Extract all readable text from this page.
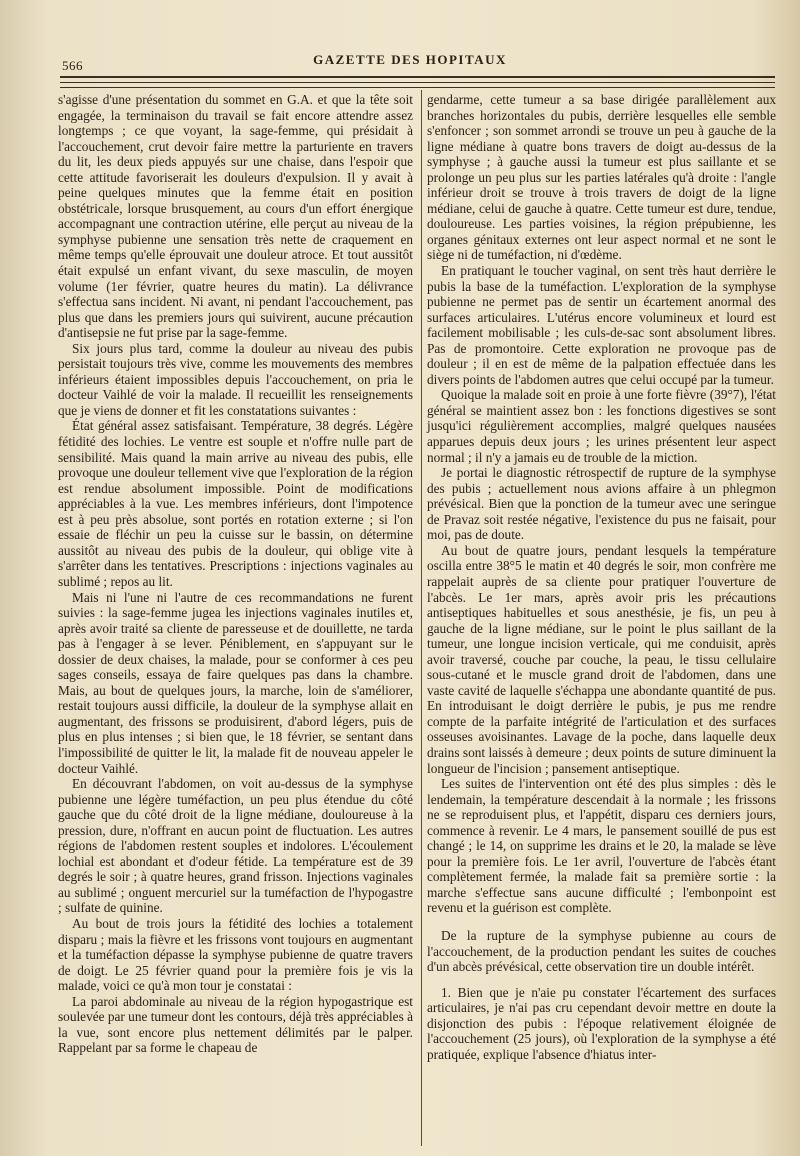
566	GAZETTE DES HOPITAUX

s'agisse d'une présentation du sommet en G.A. et que la tête soit engagée, la terminaison du travail se fait encore attendre assez longtemps ; ce que voyant, la sage-femme, qui présidait à l'accouchement, crut devoir faire mettre la parturiente en travers du lit, les deux pieds appuyés sur une chaise, dans l'espoir que cette attitude favoriserait les douleurs d'expulsion. Il y avait à peine quelques minutes que la femme était en position obstétricale, lorsque brusquement, au cours d'un effort énergique accompagnant une contraction utérine, elle perçut au niveau de la symphyse pubienne une sensation très nette de craquement en même temps qu'elle éprouvait une douleur atroce. Et tout aussitôt était expulsé un enfant vivant, du sexe masculin, de moyen volume (1er février, quatre heures du matin). La délivrance s'effectua sans incident. Ni avant, ni pendant l'accouchement, pas plus que dans les premiers jours qui suivirent, aucune précaution d'antisepsie ne fut prise par la sage-femme.

Six jours plus tard, comme la douleur au niveau des pubis persistait toujours très vive, comme les mouvements des membres inférieurs étaient impossibles depuis l'accouchement, on pria le docteur Vaihlé de voir la malade. Il recueillit les renseignements que je viens de donner et fit les constatations suivantes :

État général assez satisfaisant. Température, 38 degrés. Légère fétidité des lochies. Le ventre est souple et n'offre nulle part de sensibilité. Mais quand la main arrive au niveau des pubis, elle provoque une douleur tellement vive que l'exploration de la région est rendue absolument impossible. Point de modifications appréciables à la vue. Les membres inférieurs, dont l'impotence est à peu près absolue, sont portés en rotation externe ; si l'on essaie de fléchir un peu la cuisse sur le bassin, on détermine aussitôt au niveau des pubis de la douleur, qui oblige vite à s'arrêter dans les tentatives. Prescriptions : injections vaginales au sublimé ; repos au lit.

Mais ni l'une ni l'autre de ces recommandations ne furent suivies : la sage-femme jugea les injections vaginales inutiles et, après avoir traité sa cliente de paresseuse et de douillette, ne tarda pas à l'engager à se lever. Péniblement, en s'appuyant sur le dossier de deux chaises, la malade, pour se conformer à ces peu sages conseils, essaya de faire quelques pas dans la chambre. Mais, au bout de quelques jours, la marche, loin de s'améliorer, restait toujours aussi difficile, la douleur de la symphyse allait en augmentant, des frissons se produisirent, d'abord légers, puis de plus en plus intenses ; si bien que, le 18 février, se sentant dans l'impossibilité de quitter le lit, la malade fit de nouveau appeler le docteur Vaihlé.

En découvrant l'abdomen, on voit au-dessus de la symphyse pubienne une légère tuméfaction, un peu plus étendue du côté gauche que du côté droit de la ligne médiane, douloureuse à la pression, dure, n'offrant en aucun point de fluctuation. Les autres régions de l'abdomen restent souples et indolores. L'écoulement lochial est abondant et d'odeur fétide. La température est de 39 degrés le soir ; à quatre heures, grand frisson. Injections vaginales au sublimé ; onguent mercuriel sur la tuméfaction de l'hypogastre ; sulfate de quinine.

Au bout de trois jours la fétidité des lochies a totalement disparu ; mais la fièvre et les frissons vont toujours en augmentant et la tuméfaction dépasse la symphyse pubienne de quatre travers de doigt. Le 25 février quand pour la première fois je vis la malade, voici ce qu'à mon tour je constatai :

La paroi abdominale au niveau de la région hypogastrique est soulevée par une tumeur dont les contours, déjà très appréciables à la vue, sont encore plus nettement délimités par le palper. Rappelant par sa forme le chapeau de

gendarme, cette tumeur a sa base dirigée parallèlement aux branches horizontales du pubis, derrière lesquelles elle semble s'enfoncer ; son sommet arrondi se trouve un peu à gauche de la ligne médiane à quatre bons travers de doigt au-dessus de la symphyse ; à gauche aussi la tumeur est plus saillante et se prolonge un peu plus sur les parties latérales qu'à droite : l'angle inférieur droit se trouve à trois travers de doigt de la ligne médiane, celui de gauche à quatre. Cette tumeur est dure, tendue, douloureuse. Les parties voisines, la région prépubienne, les organes génitaux externes ont leur aspect normal et ne sont le siège ni de tuméfaction, ni d'œdème.

En pratiquant le toucher vaginal, on sent très haut derrière le pubis la base de la tuméfaction. L'exploration de la symphyse pubienne ne permet pas de sentir un écartement anormal des surfaces articulaires. L'utérus encore volumineux et lourd est facilement mobilisable ; les culs-de-sac sont absolument libres. Pas de promontoire. Cette exploration ne provoque pas de douleur ; il en est de même de la palpation effectuée dans les divers points de l'abdomen autres que celui occupé par la tumeur.

Quoique la malade soit en proie à une forte fièvre (39°7), l'état général se maintient assez bon : les fonctions digestives se sont jusqu'ici régulièrement accomplies, malgré quelques nausées apparues depuis deux jours ; les urines présentent leur aspect normal ; il n'y a jamais eu de trouble de la miction.

Je portai le diagnostic rétrospectif de rupture de la symphyse des pubis ; actuellement nous avions affaire à un phlegmon prévésical. Bien que la ponction de la tumeur avec une seringue de Pravaz soit restée négative, l'existence du pus ne faisait, pour moi, pas de doute.

Au bout de quatre jours, pendant lesquels la température oscilla entre 38°5 le matin et 40 degrés le soir, mon confrère me rappelait auprès de sa cliente pour pratiquer l'ouverture de l'abcès. Le 1er mars, après avoir pris les précautions antiseptiques habituelles et sous anesthésie, je fis, un peu à gauche de la ligne médiane, sur le point le plus saillant de la tumeur, une longue incision verticale, qui me conduisit, après avoir traversé, couche par couche, la peau, le tissu cellulaire sous-cutané et le muscle grand droit de l'abdomen, dans une vaste cavité de laquelle s'échappa une abondante quantité de pus. En introduisant le doigt derrière le pubis, je pus me rendre compte de la parfaite intégrité de l'articulation et des surfaces osseuses avoisinantes. Lavage de la poche, dans laquelle deux drains sont laissés à demeure ; deux points de suture diminuent la longueur de l'incision ; pansement antiseptique.

Les suites de l'intervention ont été des plus simples : dès le lendemain, la température descendait à la normale ; les frissons ne se reproduisent plus, et l'appétit, disparu ces derniers jours, commence à revenir. Le 4 mars, le pansement souillé de pus est changé ; le 14, on supprime les drains et le 20, la malade se lève pour la première fois. Le 1er avril, l'ouverture de l'abcès étant complètement fermée, la malade fait sa première sortie : la marche s'effectue sans aucune difficulté ; l'embonpoint est revenu et la guérison est complète.

De la rupture de la symphyse pubienne au cours de l'accouchement, de la production pendant les suites de couches d'un abcès prévésical, cette observation tire un double intérêt.

1. Bien que je n'aie pu constater l'écartement des surfaces articulaires, je n'ai pas cru cependant devoir mettre en doute la disjonction des pubis : l'époque relativement éloignée de l'accouchement (25 jours), où l'exploration de la symphyse a été pratiquée, explique l'absence d'hiatus inter-
